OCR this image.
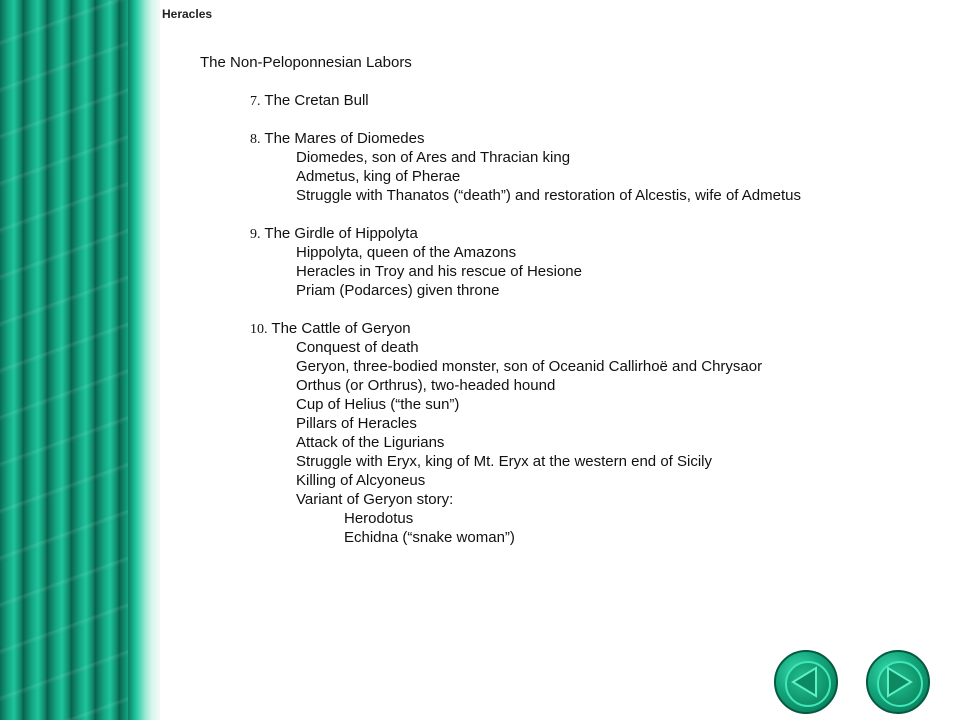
Heracles
The Non-Peloponnesian Labors
7. The Cretan Bull
8. The Mares of Diomedes
Diomedes, son of Ares and Thracian king
Admetus, king of Pherae
Struggle with Thanatos (“death”) and restoration of Alcestis, wife of Admetus
9. The Girdle of Hippolyta
Hippolyta, queen of the Amazons
Heracles in Troy and his rescue of Hesione
Priam (Podarces) given throne
10. The Cattle of Geryon
Conquest of death
Geryon, three-bodied monster, son of Oceanid Callirhoë and Chrysaor
Orthus (or Orthrus), two-headed hound
Cup of Helius (“the sun”)
Pillars of Heracles
Attack of the Ligurians
Struggle with Eryx, king of Mt. Eryx at the western end of Sicily
Killing of Alcyoneus
Variant of Geryon story:
Herodotus
Echidna (“snake woman”)
